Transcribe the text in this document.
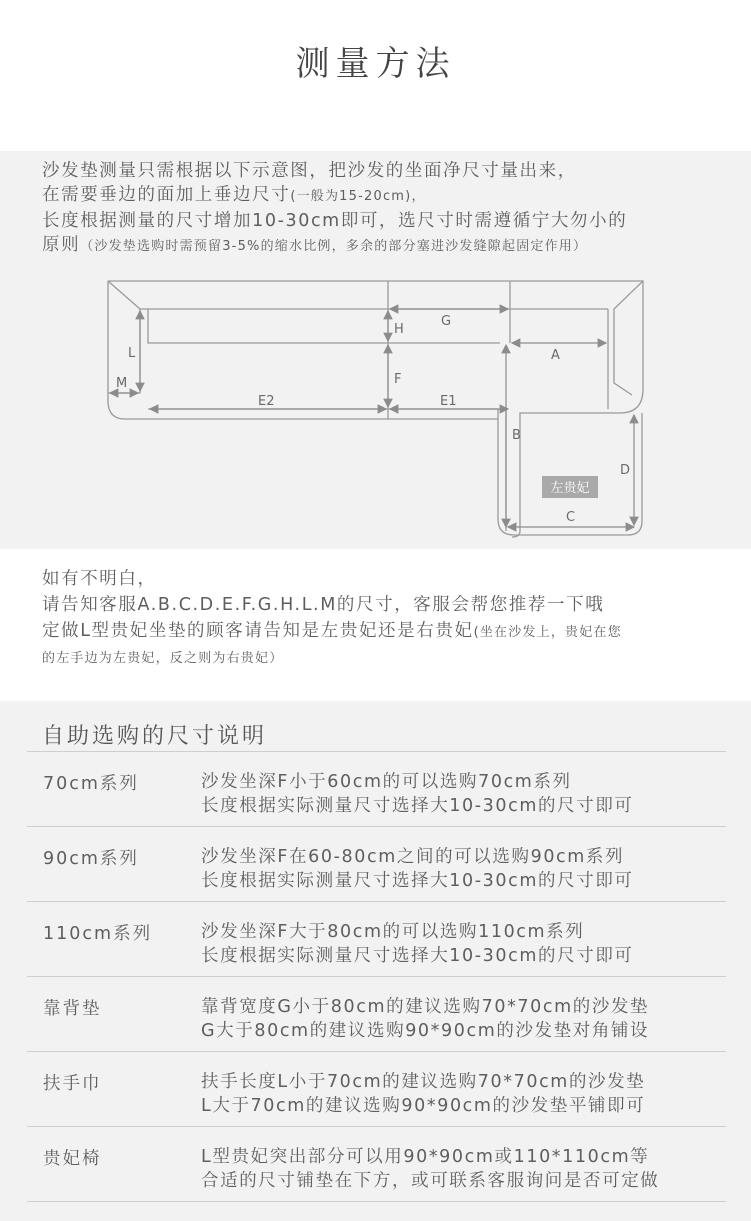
测量方法
沙发垫测量只需根据以下示意图，把沙发的坐面净尺寸量出来，
在需要垂边的面加上垂边尺寸(一般为15-20cm)，
长度根据测量的尺寸增加10-30cm即可，选尺寸时需遵循宁大勿小的
原则（沙发垫选购时需预留3-5%的缩水比例，多余的部分塞进沙发缝隙起固定作用）
G
H
A
F
E2	E1
L
M
B
C
D
左贵妃
如有不明白，
请告知客服A.B.C.D.E.F.G.H.L.M的尺寸，客服会帮您推荐一下哦
定做L型贵妃坐垫的顾客请告知是左贵妃还是右贵妃(坐在沙发上，贵妃在您
的左手边为左贵妃，反之则为右贵妃）
自助选购的尺寸说明
70cm系列	沙发坐深F小于60cm的可以选购70cm系列
长度根据实际测量尺寸选择大10-30cm的尺寸即可
90cm系列	沙发坐深F在60-80cm之间的可以选购90cm系列
长度根据实际测量尺寸选择大10-30cm的尺寸即可
110cm系列	沙发坐深F大于80cm的可以选购110cm系列
长度根据实际测量尺寸选择大10-30cm的尺寸即可
靠背垫	靠背宽度G小于80cm的建议选购70*70cm的沙发垫
G大于80cm的建议选购90*90cm的沙发垫对角铺设
扶手巾	扶手长度L小于70cm的建议选购70*70cm的沙发垫
L大于70cm的建议选购90*90cm的沙发垫平铺即可
贵妃椅	L型贵妃突出部分可以用90*90cm或110*110cm等
合适的尺寸铺垫在下方，或可联系客服询问是否可定做
